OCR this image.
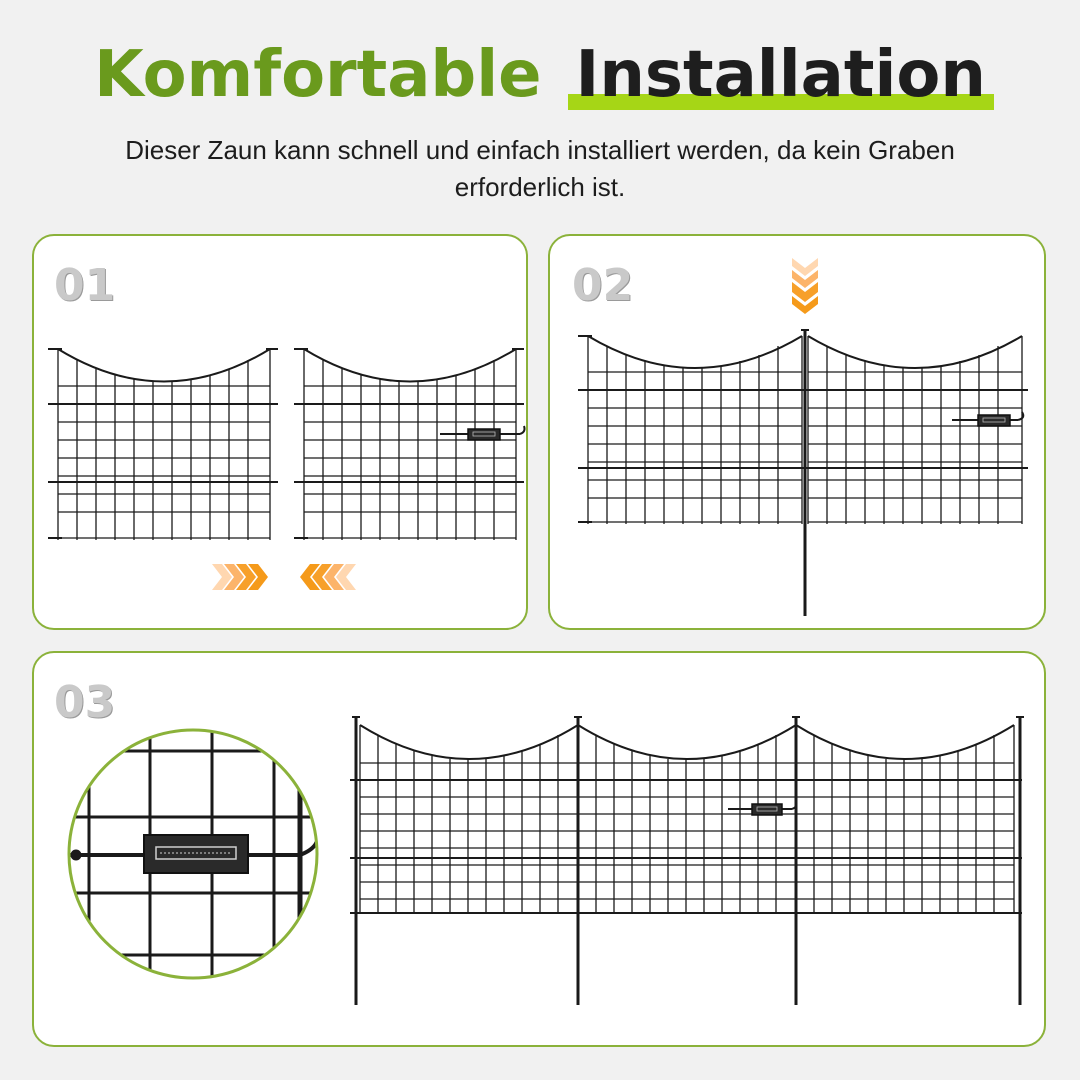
Komfortable Installation
Dieser Zaun kann schnell und einfach installiert werden, da kein Graben erforderlich ist.
01	02
03
